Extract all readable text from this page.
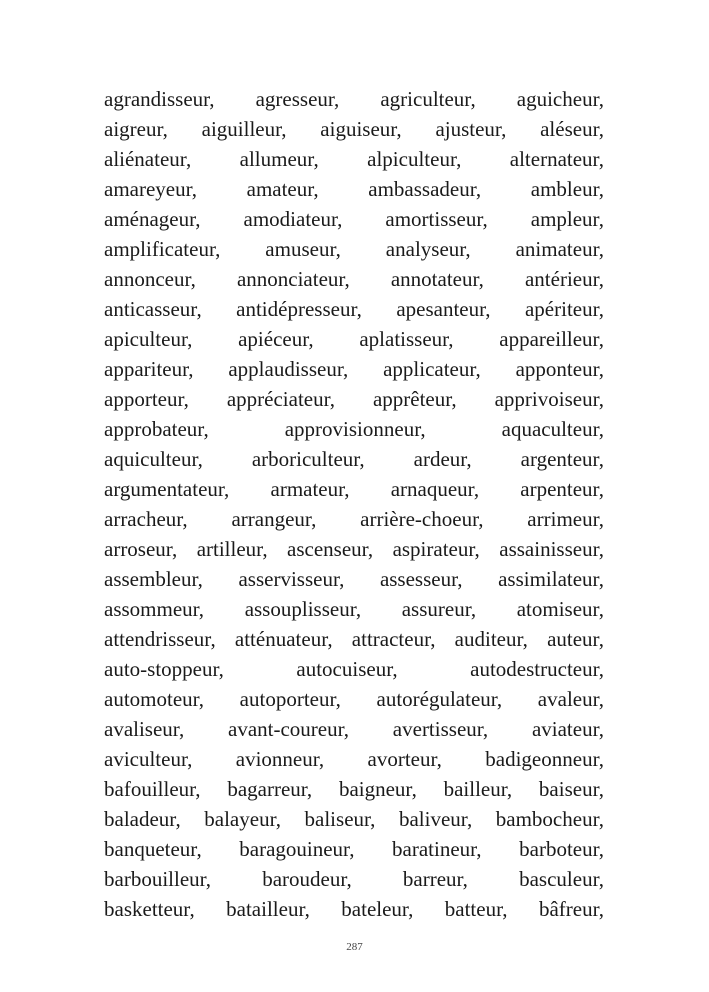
agrandisseur, agresseur, agriculteur, aguicheur,
aigreur, aiguilleur, aiguiseur, ajusteur, aléseur,
aliénateur, allumeur, alpiculteur, alternateur,
amareyeur, amateur, ambassadeur, ambleur,
aménageur, amodiateur, amortisseur, ampleur,
amplificateur, amuseur, analyseur, animateur,
annonceur, annonciateur, annotateur, antérieur,
anticasseur, antidépresseur, apesanteur, apériteur,
apiculteur, apiéceur, aplatisseur, appareilleur,
appariteur, applaudisseur, applicateur, apponteur,
apporteur, appréciateur, apprêteur, apprivoiseur,
approbateur,	approvisionneur,	aquaculteur,
aquiculteur, arboriculteur, ardeur, argenteur,
argumentateur, armateur, arnaqueur, arpenteur,
arracheur, arrangeur, arrière-choeur, arrimeur,
arroseur, artilleur, ascenseur, aspirateur, assainisseur,
assembleur, asservisseur, assesseur, assimilateur,
assommeur, assouplisseur, assureur, atomiseur,
attendrisseur, atténuateur, attracteur, auditeur, auteur,
auto-stoppeur,	autocuiseur,	autodestructeur,
automoteur, autoporteur, autorégulateur, avaleur,
avaliseur, avant-coureur, avertisseur, aviateur,
aviculteur, avionneur, avorteur, badigeonneur,
bafouilleur, bagarreur, baigneur, bailleur, baiseur,
baladeur, balayeur, baliseur, baliveur, bambocheur,
banqueteur, baragouineur, baratineur, barboteur,
barbouilleur, baroudeur, barreur, basculeur,
basketteur, batailleur, bateleur, batteur, bâfreur,
287
